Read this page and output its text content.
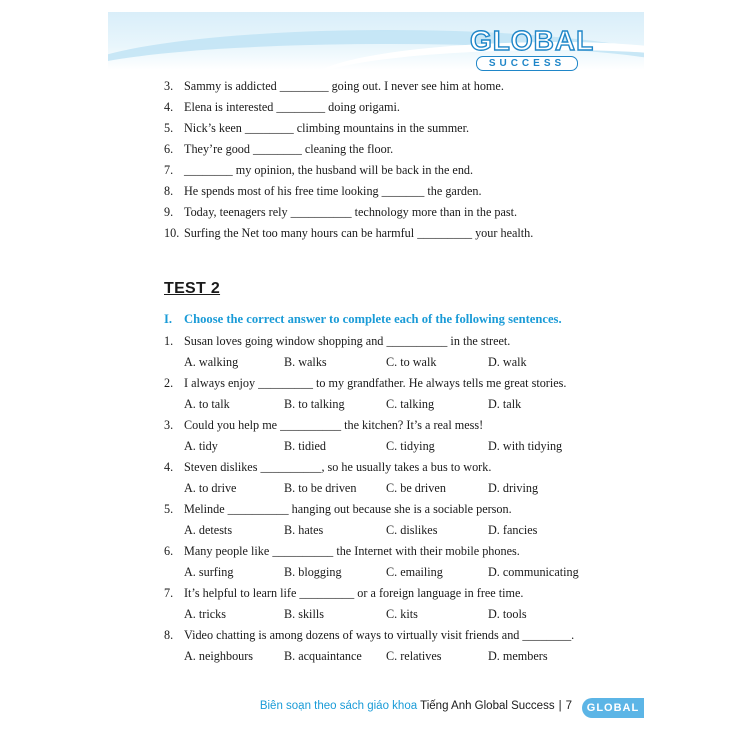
GLOBAL
SUCCESS
3. Sammy is addicted ________ going out. I never see him at home.
4. Elena is interested ________ doing origami.
5. Nick’s keen ________ climbing mountains in the summer.
6. They’re good ________ cleaning the floor.
7. ________ my opinion, the husband will be back in the end.
8. He spends most of his free time looking _______ the garden.
9. Today, teenagers rely __________ technology more than in the past.
10. Surfing the Net too many hours can be harmful _________ your health.
TEST 2
I. Choose the correct answer to complete each of the following sentences.
1. Susan loves going window shopping and __________ in the street.
A. walking	B. walks	C. to walk	D. walk
2. I always enjoy _________ to my grandfather. He always tells me great stories.
A. to talk	B. to talking	C. talking	D. talk
3. Could you help me __________ the kitchen? It’s a real mess!
A. tidy	B. tidied	C. tidying	D. with tidying
4. Steven dislikes __________, so he usually takes a bus to work.
A. to drive	B. to be driven C. be driven	D. driving
5. Melinde __________ hanging out because she is a sociable person.
A. detests	B. hates	C. dislikes	D. fancies
6. Many people like __________ the Internet with their mobile phones.
A. surfing	B. blogging	C. emailing	D. communicating
7. It’s helpful to learn life _________ or a foreign language in free time.
A. tricks	B. skills	C. kits	D. tools
8. Video chatting is among dozens of ways to virtually visit friends and ________.
A. neighbours	B. acquaintance C. relatives	D. members
Biên soạn theo sách giáo khoa Tiếng Anh Global Success | 7	GLOBAL
